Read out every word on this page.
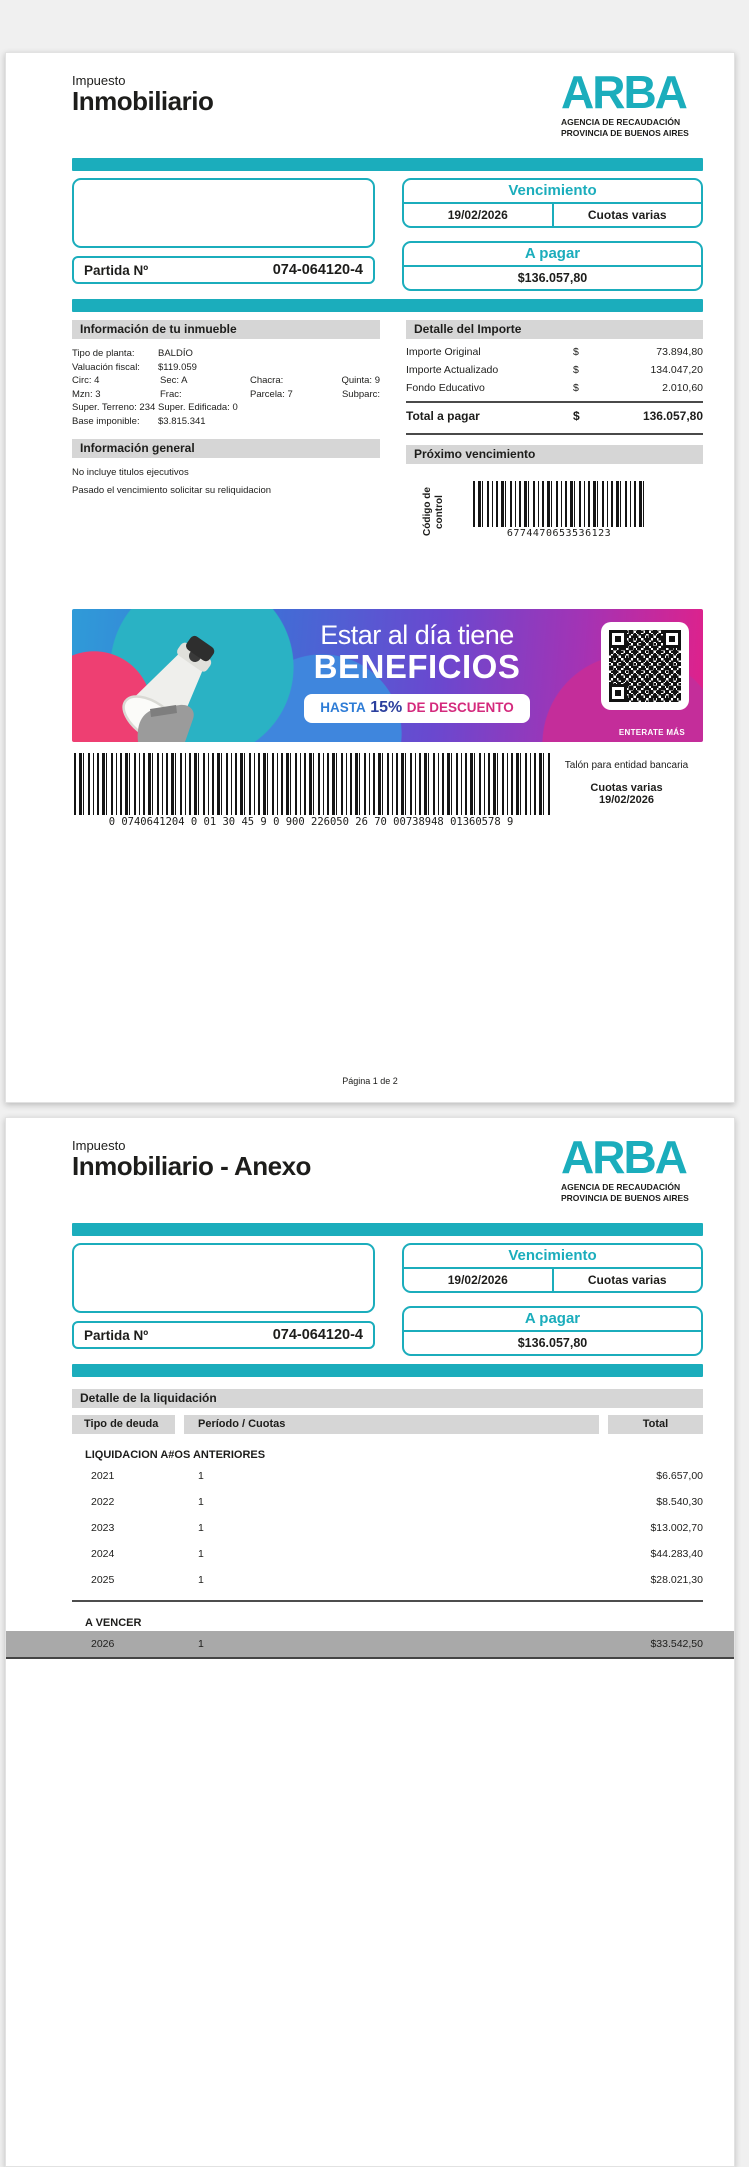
Impuesto
Inmobiliario	ARBA
AGENCIA DE RECAUDACIÓN
PROVINCIA DE BUENOS AIRES
Partida Nº	074-064120-4
Vencimiento
19/02/2026	Cuotas varias
A pagar
$136.057,80
Información de tu inmueble
Tipo de planta:	BALDÍO
Valuación fiscal:	$119.059
Circ: 4	Sec: A	Chacra:	Quinta: 9
Mzn: 3	Frac:	Parcela: 7	Subparc:
Super. Terreno: 234 Super. Edificada: 0
Base imponible:	$3.815.341
Información general
No incluye titulos ejecutivos
Pasado el vencimiento solicitar su reliquidacion
Detalle del Importe
Importe Original	$	73.894,80
Importe Actualizado	$	134.047,20
Fondo Educativo	$	2.010,60
Total a pagar	$	136.057,80
Próximo vencimiento
Código de control
6774470653536123
Estar al día tiene
BENEFICIOS
HASTA 15% DE DESCUENTO
ENTERATE MÁS
0 0740641204 0 01 30 45 9 0 900 226050 26 70 00738948 01360578 9
Talón para entidad bancaria
Cuotas varias
19/02/2026
Página 1 de 2
Impuesto
Inmobiliario - Anexo	ARBA
AGENCIA DE RECAUDACIÓN
PROVINCIA DE BUENOS AIRES
Partida Nº	074-064120-4
Vencimiento
19/02/2026	Cuotas varias
A pagar
$136.057,80
Detalle de la liquidación
Tipo de deuda	Período / Cuotas	Total
LIQUIDACION A#OS ANTERIORES
2021	1	$6.657,00
2022	1	$8.540,30
2023	1	$13.002,70
2024	1	$44.283,40
2025	1	$28.021,30
A VENCER
2026	1	$33.542,50
